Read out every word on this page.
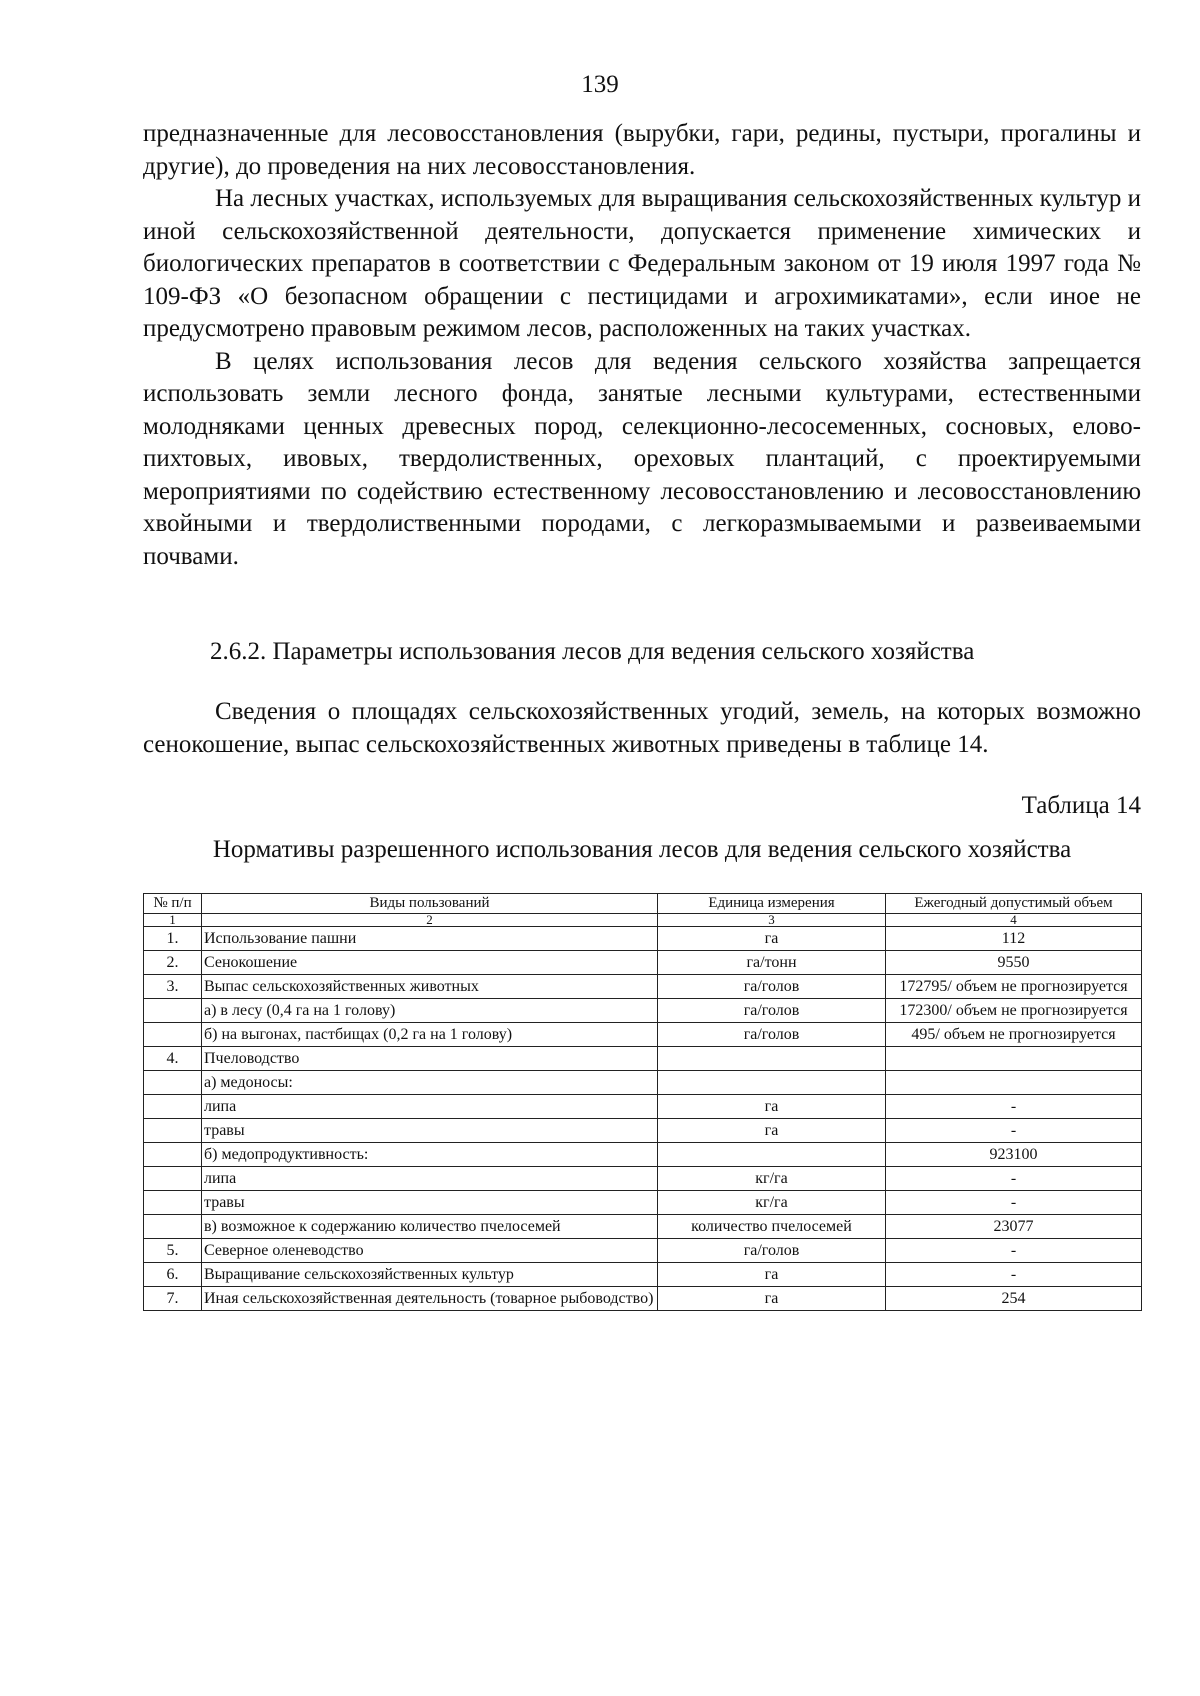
139

предназначенные для лесовосстановления (вырубки, гари, редины, пустыри, прогалины и другие), до проведения на них лесовосстановления.

На лесных участках, используемых для выращивания сельскохозяйственных культур и иной сельскохозяйственной деятельности, допускается применение химических и биологических препаратов в соответствии с Федеральным законом от 19 июля 1997 года № 109-ФЗ «О безопасном обращении с пестицидами и агрохимикатами», если иное не предусмотрено правовым режимом лесов, расположенных на таких участках.

В целях использования лесов для ведения сельского хозяйства запрещается использовать земли лесного фонда, занятые лесными культурами, естественными молодняками ценных древесных пород, селекционно-лесосеменных, сосновых, елово-пихтовых, ивовых, твердолиственных, ореховых плантаций, с проектируемыми мероприятиями по содействию естественному лесовосстановлению и лесовосстановлению хвойными и твердолиственными породами, с легкоразмываемыми и развеиваемыми почвами.

2.6.2. Параметры использования лесов для ведения сельского хозяйства

Сведения о площадях сельскохозяйственных угодий, земель, на которых возможно сенокошение, выпас сельскохозяйственных животных приведены в таблице 14.

Таблица 14
Нормативы разрешенного использования лесов для ведения сельского хозяйства
№ п/п	Виды пользований	Единица измерения	Ежегодный допустимый объем
1	2	3	4
1.	Использование пашни	га	112
2.	Сенокошение	га/тонн	9550
3.	Выпас сельскохозяйственных животных	га/голов	172795/ объем не прогнозируется
	а) в лесу (0,4 га на 1 голову)	га/голов	172300/ объем не прогнозируется
	б) на выгонах, пастбищах (0,2 га на 1 голову)	га/голов	495/ объем не прогнозируется
4.	Пчеловодство		
	а) медоносы:		
	липа	га	-
	травы	га	-
	б) медопродуктивность:		923100
	липа	кг/га	-
	травы	кг/га	-
	в) возможное к содержанию количество пчелосемей	количество пчелосемей	23077
5.	Северное оленеводство	га/голов	-
6.	Выращивание сельскохозяйственных культур	га	-
7.	Иная сельскохозяйственная деятельность (товарное рыбоводство)	га	254
